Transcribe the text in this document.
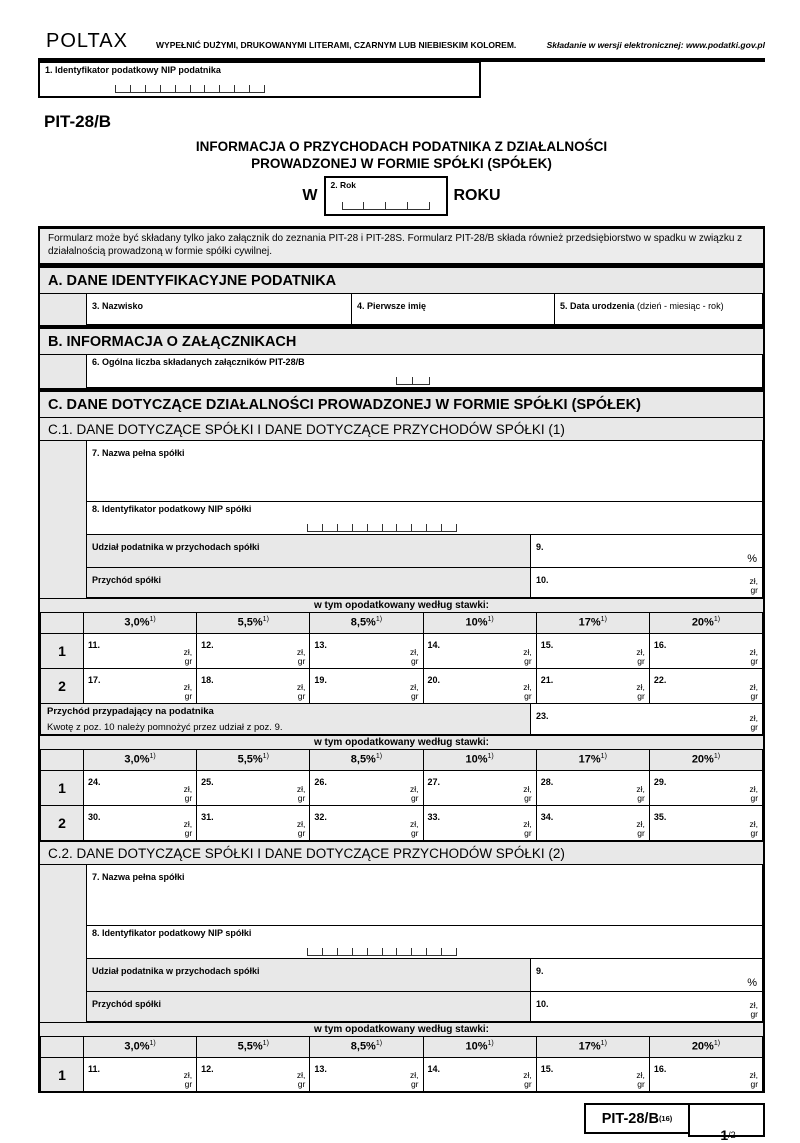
POLTAX	WYPEŁNIĆ DUŻYMI, DRUKOWANYMI LITERAMI, CZARNYM LUB NIEBIESKIM KOLOREM.	Składanie w wersji elektronicznej: www.podatki.gov.pl
1. Identyfikator podatkowy NIP podatnika
PIT-28/B
INFORMACJA O PRZYCHODACH PODATNIKA Z DZIAŁALNOŚCI
PROWADZONEJ W FORMIE SPÓŁKI (SPÓŁEK)
W
2. Rok
ROKU
Formularz może być składany tylko jako załącznik do zeznania PIT-28 i PIT-28S. Formularz PIT-28/B składa również przedsiębiorstwo w spadku w związku z działalnością prowadzoną w formie spółki cywilnej.
A. DANE IDENTYFIKACYJNE PODATNIKA
3. Nazwisko	4. Pierwsze imię	5. Data urodzenia (dzień - miesiąc - rok)
B. INFORMACJA O ZAŁĄCZNIKACH
6. Ogólna liczba składanych załączników PIT-28/B
C. DANE DOTYCZĄCE DZIAŁALNOŚCI PROWADZONEJ W FORMIE SPÓŁKI (SPÓŁEK)
C.1. DANE DOTYCZĄCE SPÓŁKI I DANE DOTYCZĄCE PRZYCHODÓW SPÓŁKI (1)
7. Nazwa pełna spółki
8. Identyfikator podatkowy NIP spółki
Udział podatnika w przychodach spółki	9.
%
Przychód spółki	10.	zł,
gr
w tym opodatkowany według stawki:
3,0%$^{1)}$	5,5%$^{1)}$	8,5%$^{1)}$	10%$^{1)}$	17%$^{1)}$	20%$^{1)}$
1	11.
zł,
gr
12.
zł,
gr
13.
zł,
gr
14.
zł,
gr
15.
zł,
gr
16.
zł,
gr
2	17.
zł,
gr
18.
zł,
gr
19.
zł,
gr
20.
zł,
gr
21.
zł,
gr
22.
zł,
gr
Przychód przypadający na podatnika
Kwotę z poz. 10 należy pomnożyć przez udział z poz. 9.
23.	zł,
gr
w tym opodatkowany według stawki:
3,0%$^{1)}$	5,5%$^{1)}$	8,5%$^{1)}$	10%$^{1)}$	17%$^{1)}$	20%$^{1)}$
1	24.
zł,
gr
25.
zł,
gr
26.
zł,
gr
27.
zł,
gr
28.
zł,
gr
29.
zł,
gr
2	30.
zł,
gr
31.
zł,
gr
32.
zł,
gr
33.
zł,
gr
34.
zł,
gr
35.
zł,
gr
C.2. DANE DOTYCZĄCE SPÓŁKI I DANE DOTYCZĄCE PRZYCHODÓW SPÓŁKI (2)
7. Nazwa pełna spółki
8. Identyfikator podatkowy NIP spółki
Udział podatnika w przychodach spółki	9.
%
Przychód spółki	10.	zł,
gr
w tym opodatkowany według stawki:
3,0%$^{1)}$	5,5%$^{1)}$	8,5%$^{1)}$	10%$^{1)}$	17%$^{1)}$	20%$^{1)}$
1	11.
zł,
gr
12.
zł,
gr
13.
zł,
gr
14.
zł,
gr
15.
zł,
gr
16.
zł,
gr
PIT-28/B (16)
1 /2
